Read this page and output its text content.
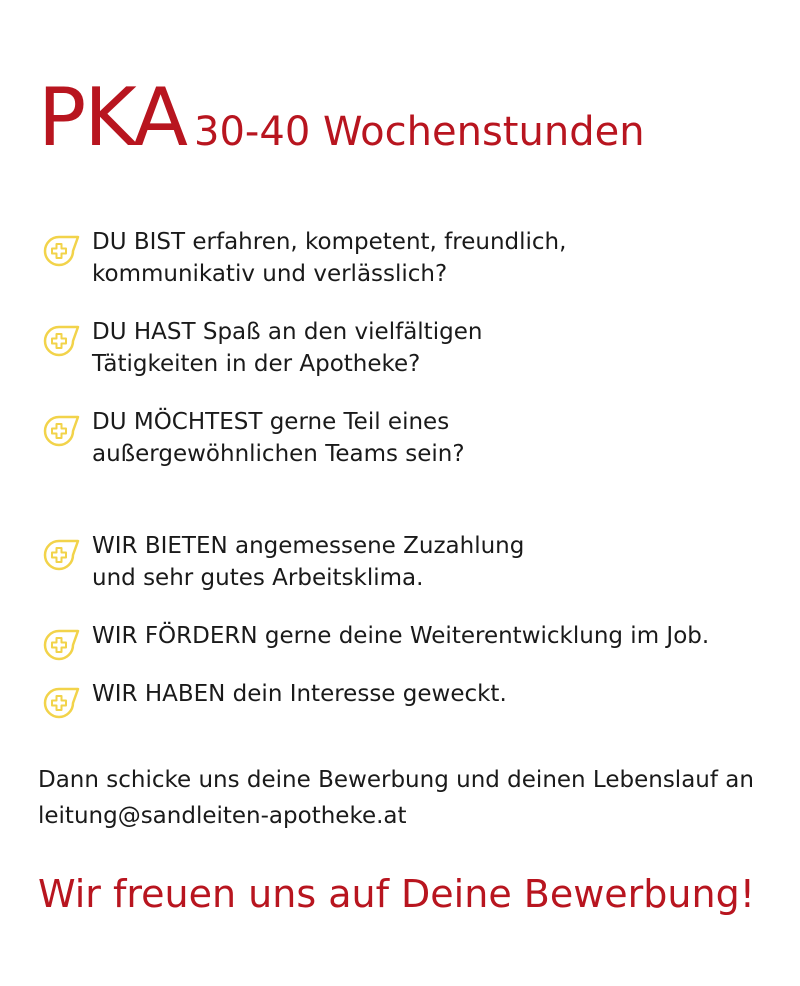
PKA 30-40 Wochenstunden
DU BIST erfahren, kompetent, freundlich,
kommunikativ und verlässlich?
DU HAST Spaß an den vielfältigen
Tätigkeiten in der Apotheke?
DU MÖCHTEST gerne Teil eines
außergewöhnlichen Teams sein?
WIR BIETEN angemessene Zuzahlung
und sehr gutes Arbeitsklima.
WIR FÖRDERN gerne deine Weiterentwicklung im Job.
WIR HABEN dein Interesse geweckt.
Dann schicke uns deine Bewerbung und deinen Lebenslauf an
leitung@sandleiten-apotheke.at
Wir freuen uns auf Deine Bewerbung!
